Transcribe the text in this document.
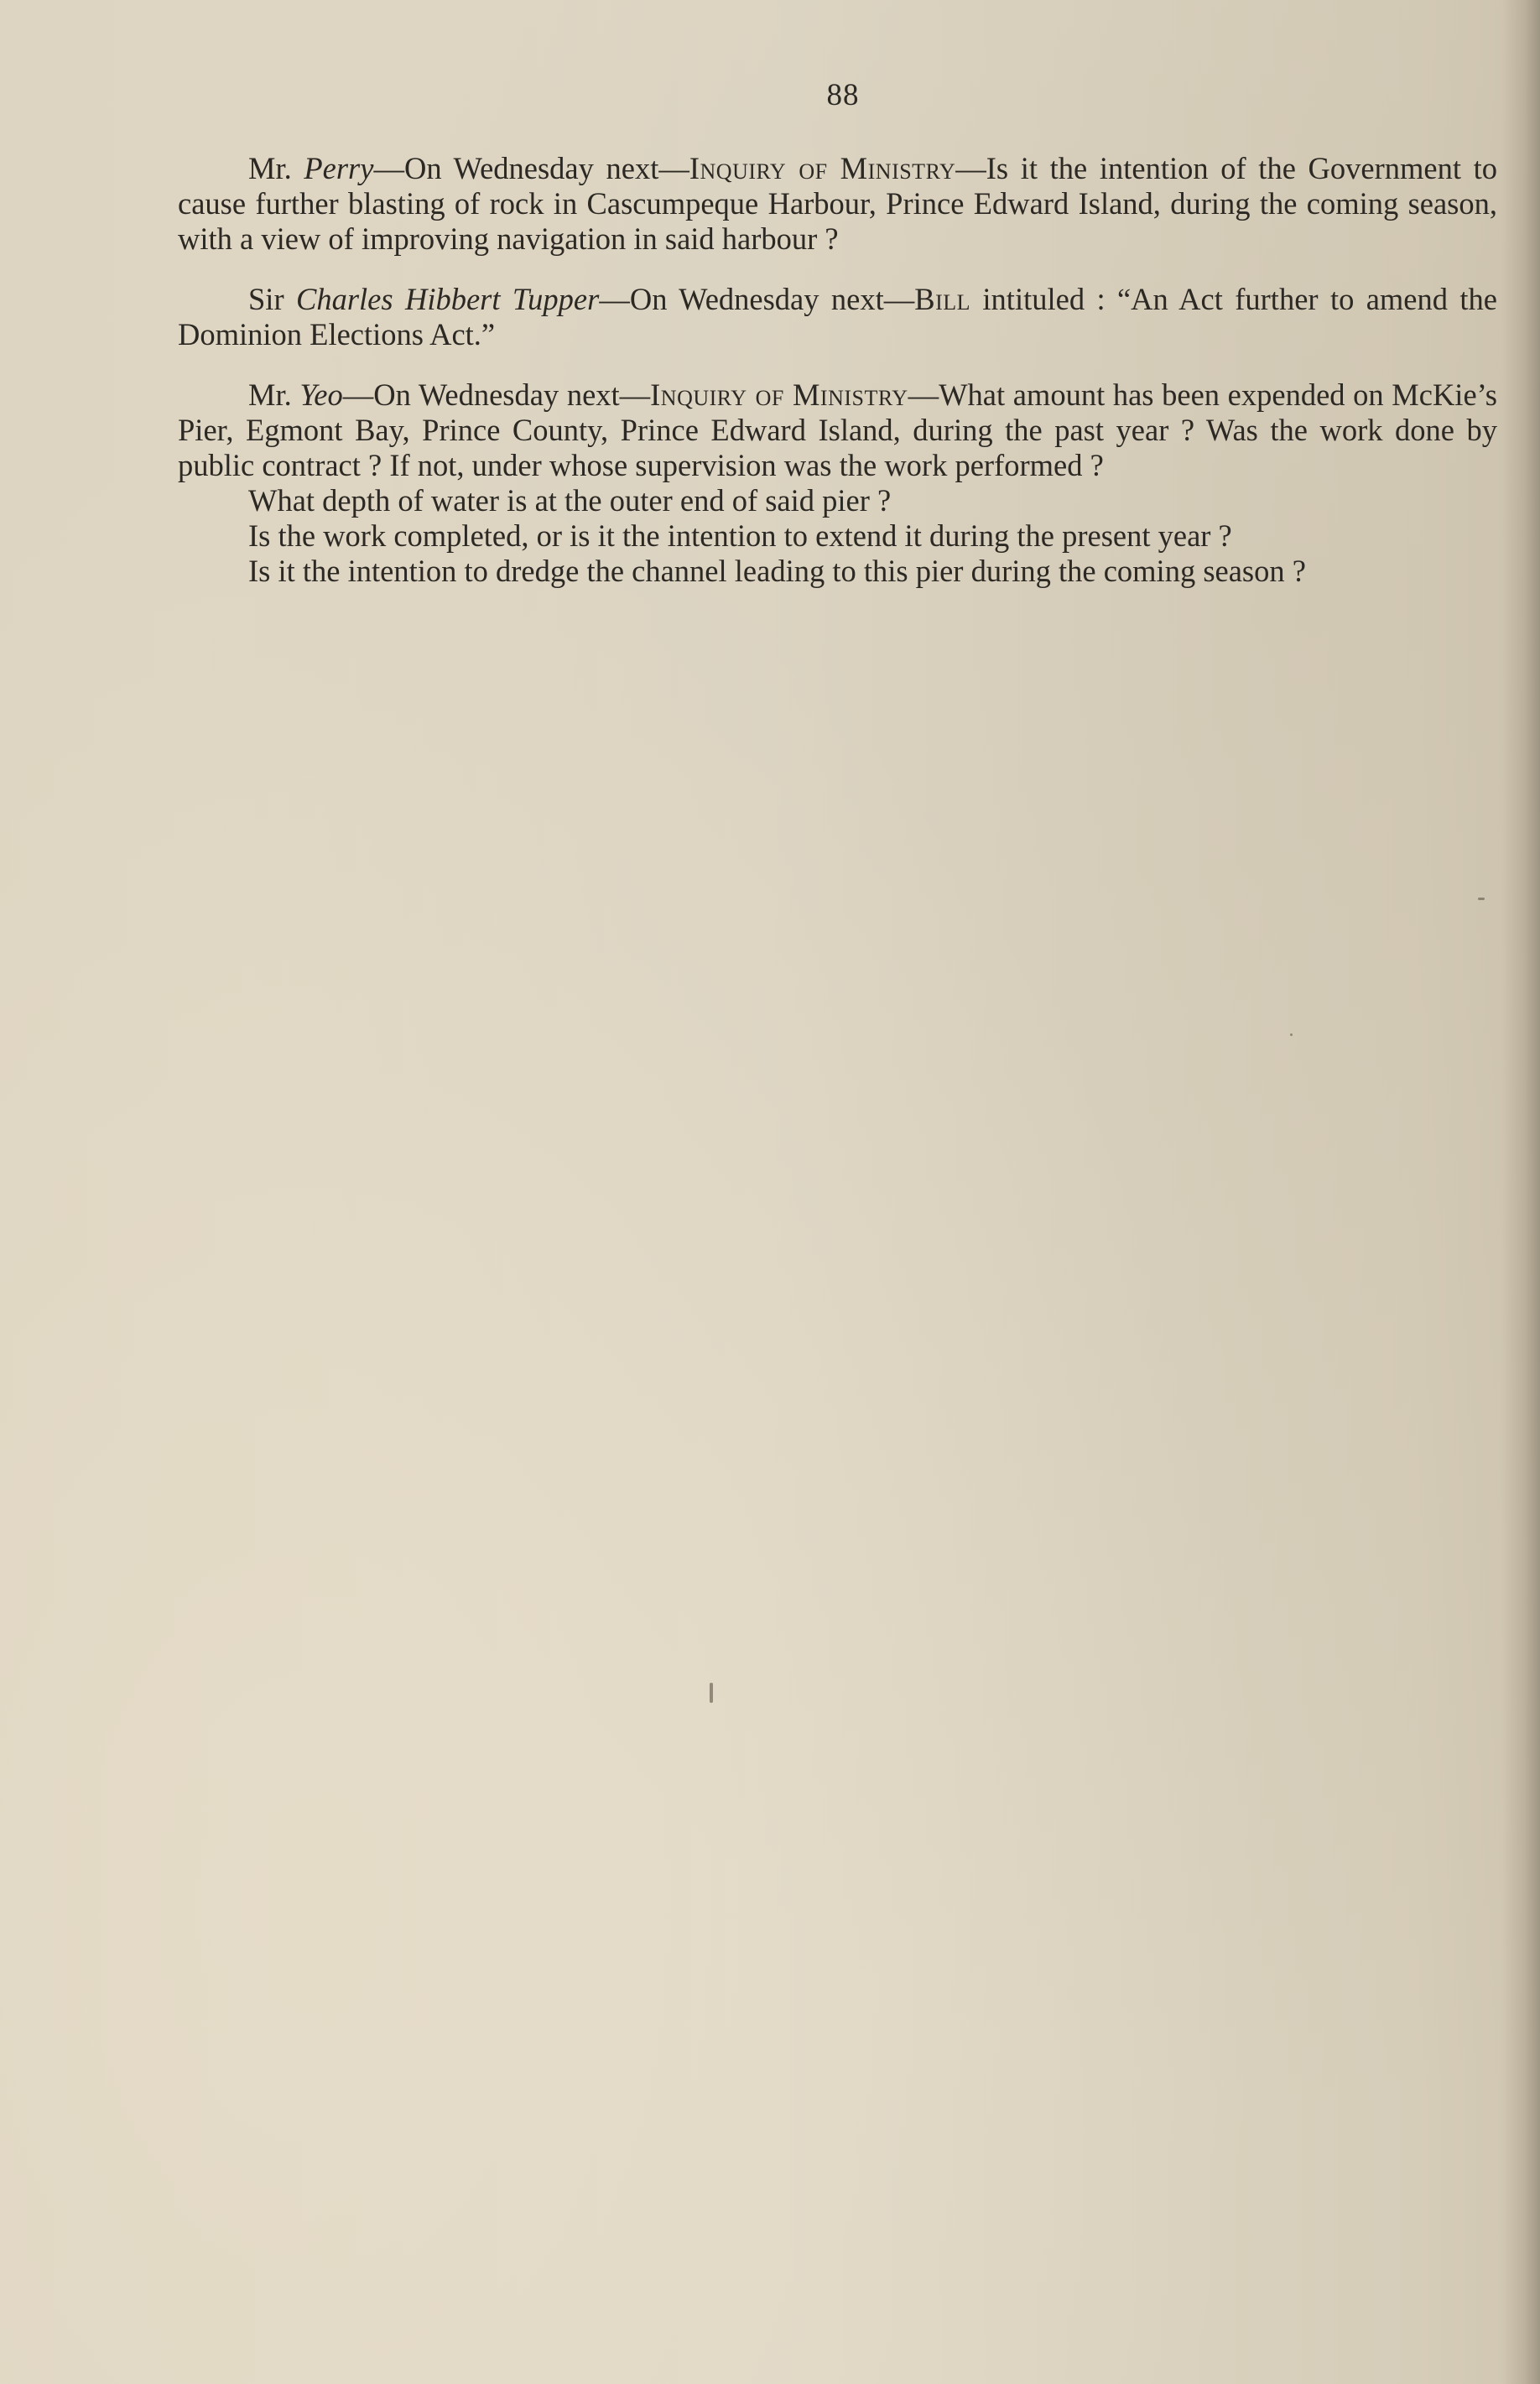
88

Mr. Perry—On Wednesday next—Inquiry of Ministry—Is it the intention of the Government to cause further blasting of rock in Cascumpeque Harbour, Prince Edward Island, during the coming season, with a view of improving navigation in said harbour ?

Sir Charles Hibbert Tupper—On Wednesday next—Bill intituled : “An Act further to amend the Dominion Elections Act.”

Mr. Yeo—On Wednesday next—Inquiry of Ministry—What amount has been expended on McKie’s Pier, Egmont Bay, Prince County, Prince Edward Island, during the past year ? Was the work done by public contract ? If not, under whose supervision was the work performed ?

What depth of water is at the outer end of said pier ?

Is the work completed, or is it the intention to extend it during the present year ?

Is it the intention to dredge the channel leading to this pier during the coming season ?
